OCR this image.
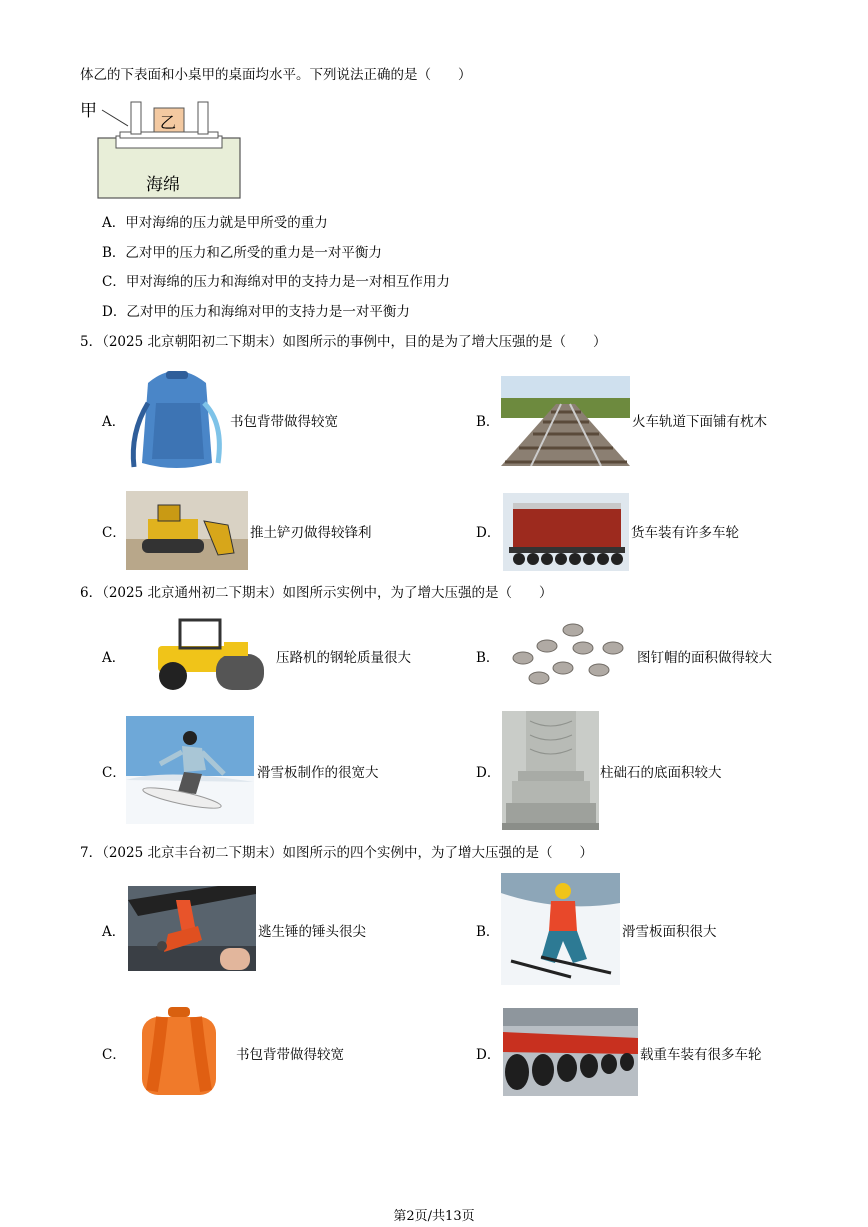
体乙的下表面和小桌甲的桌面均水平。下列说法正确的是（　　）
甲
乙
海绵
A．甲对海绵的压力就是甲所受的重力
B．乙对甲的压力和乙所受的重力是一对平衡力
C．甲对海绵的压力和海绵对甲的支持力是一对相互作用力
D．乙对甲的压力和海绵对甲的支持力是一对平衡力
5．（2025 北京朝阳初二下期末）如图所示的事例中，目的是为了增大压强的是（　　）
A．	书包背带做得较宽	B．	火车轨道下面铺有枕木
C．	推土铲刃做得较锋利	D．	货车装有许多车轮
6．（2025 北京通州初二下期末）如图所示实例中，为了增大压强的是（　　）
A．	压路机的钢轮质量很大	B．	图钉帽的面积做得较大
C．	滑雪板制作的很宽大	D．	柱础石的底面积较大
7．（2025 北京丰台初二下期末）如图所示的四个实例中，为了增大压强的是（　　）
A．	逃生锤的锤头很尖	B．	滑雪板面积很大
C．	书包背带做得较宽	D．	载重车装有很多车轮
第2页/共13页
